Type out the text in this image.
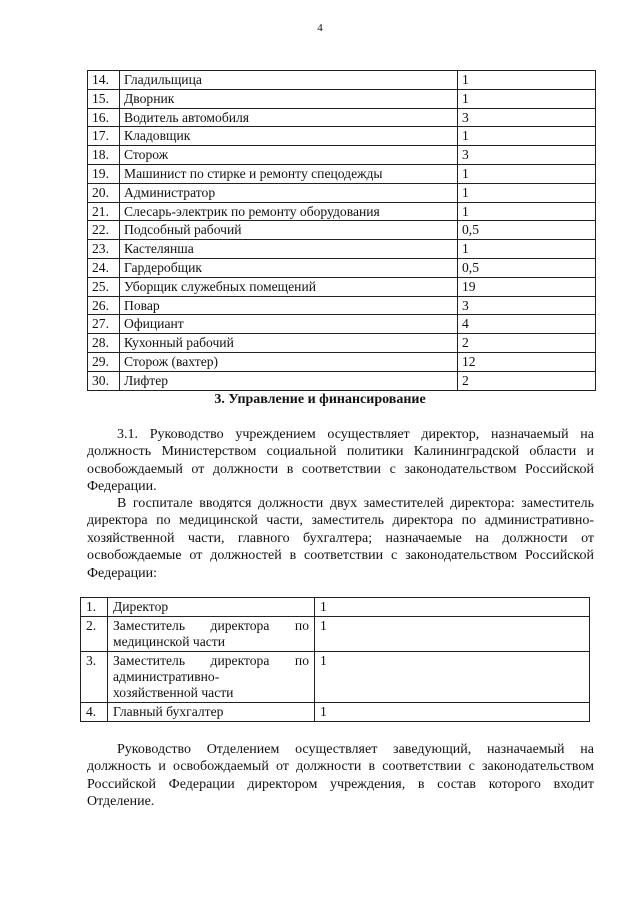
4
14.	Гладильщица	1
15.	Дворник	1
16.	Водитель автомобиля	3
17.	Кладовщик	1
18.	Сторож	3
19.	Машинист по стирке и ремонту спецодежды	1
20.	Администратор	1
21.	Слесарь-электрик по ремонту оборудования	1
22.	Подсобный рабочий	0,5
23.	Кастелянша	1
24.	Гардеробщик	0,5
25.	Уборщик служебных помещений	19
26.	Повар	3
27.	Официант	4
28.	Кухонный рабочий	2
29.	Сторож (вахтер)	12
30.	Лифтер	2
3. Управление и финансирование

3.1. Руководство учреждением осуществляет директор, назначаемый на должность Министерством социальной политики Калининградской области и освобождаемый от должности в соответствии с законодательством Российской Федерации.

В госпитале вводятся должности двух заместителей директора: заместитель директора по медицинской части, заместитель директора по административно-хозяйственной части, главного бухгалтера; назначаемые на должности от освобождаемые от должностей в соответствии с законодательством Российской Федерации:

1.	Директор	1
2.	Заместитель директора по
медицинской части	1
3.	Заместитель директора по
административно-
хозяйственной части	1
4.	Главный бухгалтер	1

Руководство Отделением осуществляет заведующий, назначаемый на должность и освобождаемый от должности в соответствии с законодательством Российской Федерации директором учреждения, в состав которого входит Отделение.
